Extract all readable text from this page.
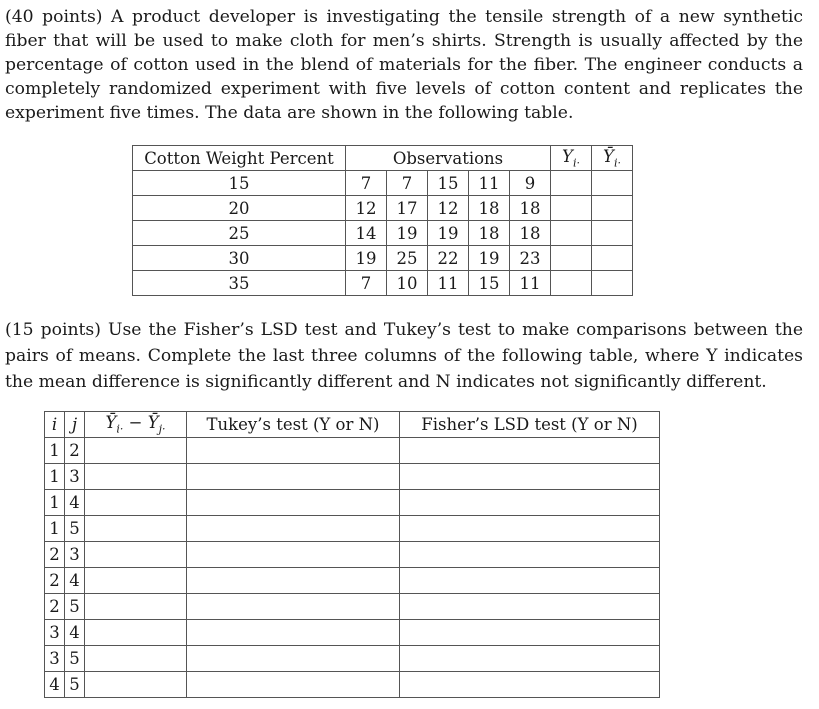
(40 points) A product developer is investigating the tensile strength of a new synthetic fiber that will be used to make cloth for men’s shirts. Strength is usually affected by the percentage of cotton used in the blend of materials for the fiber. The engineer conducts a completely randomized experiment with five levels of cotton content and replicates the experiment five times. The data are shown in the following table.
Cotton Weight Percent	Observations					$Y_{i\cdot}$	$Ȳ_{i\cdot}$
15	7	7	15	11	9		
20	12	17	12	18	18		
25	14	19	19	18	18		
30	19	25	22	19	23		
35	7	10	11	15	11		
(15 points) Use the Fisher’s LSD test and Tukey’s test to make comparisons between the pairs of means. Complete the last three columns of the following table, where Y indicates the mean difference is significantly different and N indicates not significantly different.
i	j	$Ȳ_{i\cdot}$ − $Ȳ_{j\cdot}$	Tukey’s test (Y or N)	Fisher’s LSD test (Y or N)
1	2			
1	3			
1	4			
1	5			
2	3			
2	4			
2	5			
3	4			
3	5			
4	5			
